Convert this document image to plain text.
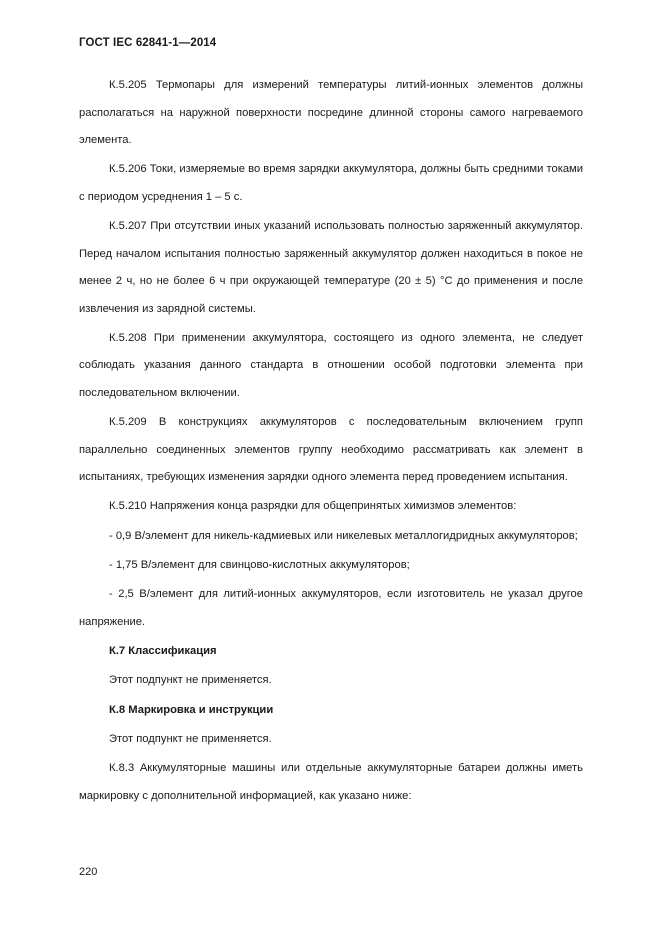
ГОСТ IEC 62841-1—2014

К.5.205 Термопары для измерений температуры литий-ионных элементов должны располагаться на наружной поверхности посредине длинной стороны самого нагреваемого элемента.

К.5.206 Токи, измеряемые во время зарядки аккумулятора, должны быть средними токами с периодом усреднения 1 – 5 с.

К.5.207 При отсутствии иных указаний использовать полностью заряженный аккумулятор. Перед началом испытания полностью заряженный аккумулятор должен находиться в покое не менее 2 ч, но не более 6 ч при окружающей температуре (20 ± 5) °С до применения и после извлечения из зарядной системы.

К.5.208 При применении аккумулятора, состоящего из одного элемента, не следует соблюдать указания данного стандарта в отношении особой подготовки элемента при последовательном включении.

К.5.209 В конструкциях аккумуляторов с последовательным включением групп параллельно соединенных элементов группу необходимо рассматривать как элемент в испытаниях, требующих изменения зарядки одного элемента перед проведением испытания.

К.5.210 Напряжения конца разрядки для общепринятых химизмов элементов:

- 0,9 В/элемент для никель-кадмиевых или никелевых металлогидридных аккумуляторов;

- 1,75 В/элемент для свинцово-кислотных аккумуляторов;

- 2,5 В/элемент для литий-ионных аккумуляторов, если изготовитель не указал другое напряжение.

К.7 Классификация

Этот подпункт не применяется.

К.8 Маркировка и инструкции

Этот подпункт не применяется.

К.8.3 Аккумуляторные машины или отдельные аккумуляторные батареи должны иметь маркировку с дополнительной информацией, как указано ниже:

220
